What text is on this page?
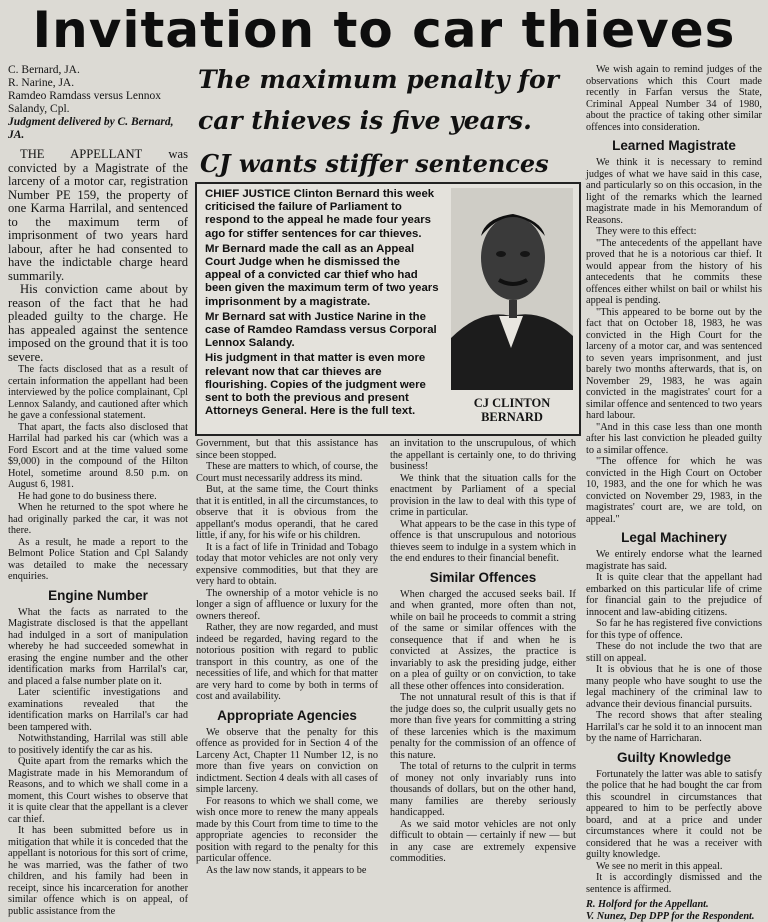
Invitation to car thieves

C. Bernard, JA.

R. Narine, JA.

Ramdeo Ramdass versus Lennox Salandy, Cpl.

Judgment delivered by C. Bernard, JA.

THE APPELLANT was convicted by a Magistrate of the larceny of a motor car, registration Number PE 159, the property of one Karma Harrilal, and sentenced to the maximum term of imprisonment of two years hard labour, after he had consented to have the indictable charge heard summarily.

His conviction came about by reason of the fact that he had pleaded guilty to the charge. He has appealed against the sentence imposed on the ground that it is too severe.

The facts disclosed that as a result of certain information the appellant had been interviewed by the police complainant, Cpl Lennox Salandy, and cautioned after which he gave a confessional statement.

That apart, the facts also disclosed that Harrilal had parked his car (which was a Ford Escort and at the time valued some $9,000) in the compound of the Hilton Hotel, sometime around 8.50 p.m. on August 6, 1981.

He had gone to do business there.

When he returned to the spot where he had originally parked the car, it was not there.

As a result, he made a report to the Belmont Police Station and Cpl Salandy was detailed to make the necessary enquiries.

Engine Number

What the facts as narrated to the Magistrate disclosed is that the appellant had indulged in a sort of manipulation whereby he had succeeded somewhat in erasing the engine number and the other identification marks from Harrilal's car, and placed a false number plate on it.

Later scientific investigations and examinations revealed that the identification marks on Harrilal's car had been tampered with.

Notwithstanding, Harrilal was still able to positively identify the car as his.

Quite apart from the remarks which the Magistrate made in his Memorandum of Reasons, and to which we shall come in a moment, this Court wishes to observe that it is quite clear that the appellant is a clever car thief.

It has been submitted before us in mitigation that while it is conceded that the appellant is notorious for this sort of crime, he was married, was the father of two children, and his family had been in receipt, since his incarceration for another similar offence which is on appeal, of public assistance from the

The maximum penalty for
car thieves is five years.
CJ wants stiffer sentences

CHIEF JUSTICE Clinton Bernard this week criticised the failure of Parliament to respond to the appeal he made four years ago for stiffer sentences for car thieves.

Mr Bernard made the call as an Appeal Court Judge when he dismissed the appeal of a convicted car thief who had been given the maximum term of two years imprisonment by a magistrate.

Mr Bernard sat with Justice Narine in the case of Ramdeo Ramdass versus Corporal Lennox Salandy.

His judgment in that matter is even more relevant now that car thieves are flourishing. Copies of the judgment were sent to both the previous and present Attorneys General. Here is the full text.

CJ CLINTON BERNARD

Government, but that this assistance has since been stopped.

These are matters to which, of course, the Court must necessarily address its mind.

But, at the same time, the Court thinks that it is entitled, in all the circumstances, to observe that it is obvious from the appellant's modus operandi, that he cared little, if any, for his wife or his children.

It is a fact of life in Trinidad and Tobago today that motor vehicles are not only very expensive commodities, but that they are very hard to obtain.

The ownership of a motor vehicle is no longer a sign of affluence or luxury for the owners thereof.

Rather, they are now regarded, and must indeed be regarded, having regard to the notorious position with regard to public transport in this country, as one of the necessities of life, and which for that matter are very hard to come by both in terms of cost and availability.

Appropriate Agencies

We observe that the penalty for this offence as provided for in Section 4 of the Larceny Act, Chapter 11 Number 12, is no more than five years on conviction on indictment. Section 4 deals with all cases of simple larceny.

For reasons to which we shall come, we wish once more to renew the many appeals made by this Court from time to time to the appropriate agencies to reconsider the position with regard to the penalty for this particular offence.

As the law now stands, it appears to be

an invitation to the unscrupulous, of which the appellant is certainly one, to do thriving business!

We think that the situation calls for the enactment by Parliament of a special provision in the law to deal with this type of crime in particular.

What appears to be the case in this type of offence is that unscrupulous and notorious thieves seem to indulge in a system which in the end endures to their financial benefit.

Similar Offences

When charged the accused seeks bail. If and when granted, more often than not, while on bail he proceeds to commit a string of the same or similar offences with the consequence that if and when he is convicted at Assizes, the practice is invariably to ask the presiding judge, either on a plea of guilty or on conviction, to take all these other offences into consideration.

The not unnatural result of this is that if the judge does so, the culprit usually gets no more than five years for committing a string of these larcenies which is the maximum penalty for the commission of an offence of this nature.

The total of returns to the culprit in terms of money not only invariably runs into thousands of dollars, but on the other hand, many families are thereby seriously handicapped.

As we said motor vehicles are not only difficult to obtain — certainly if new — but in any case are extremely expensive commodities.

We wish again to remind judges of the observations which this Court made recently in Farfan versus the State, Criminal Appeal Number 34 of 1980, about the practice of taking other similar offences into consideration.

Learned Magistrate

We think it is necessary to remind judges of what we have said in this case, and particularly so on this occasion, in the light of the remarks which the learned magistrate made in his Memorandum of Reasons.

They were to this effect:

"The antecedents of the appellant have proved that he is a notorious car thief. It would appear from the history of his antecedents that he commits these offences either whilst on bail or whilst his appeal is pending.

"This appeared to be borne out by the fact that on October 18, 1983, he was convicted in the High Court for the larceny of a motor car, and was sentenced to seven years imprisonment, and just barely two months afterwards, that is, on November 29, 1983, he was again convicted in the magistrates' court for a similar offence and sentenced to two years hard labour.

"And in this case less than one month after his last conviction he pleaded guilty to a similar offence.

"The offence for which he was convicted in the High Court on October 10, 1983, and the one for which he was convicted on November 29, 1983, in the magistrates' court are, we are told, on appeal."

Legal Machinery

We entirely endorse what the learned magistrate has said.

It is quite clear that the appellant had embarked on this particular life of crime for financial gain to the prejudice of innocent and law-abiding citizens.

So far he has registered five convictions for this type of offence.

These do not include the two that are still on appeal.

It is obvious that he is one of those many people who have sought to use the legal machinery of the criminal law to advance their devious financial pursuits.

The record shows that after stealing Harrilal's car he sold it to an innocent man by the name of Harricharan.

Guilty Knowledge

Fortunately the latter was able to satisfy the police that he had bought the car from this scoundrel in circumstances that appeared to him to be perfectly above board, and at a price and under circumstances where it could not be considered that he was a receiver with guilty knowledge.

We see no merit in this appeal.

It is accordingly dismissed and the sentence is affirmed.

R. Holford for the Appellant.

V. Nunez, Dep DPP for the Respondent.
